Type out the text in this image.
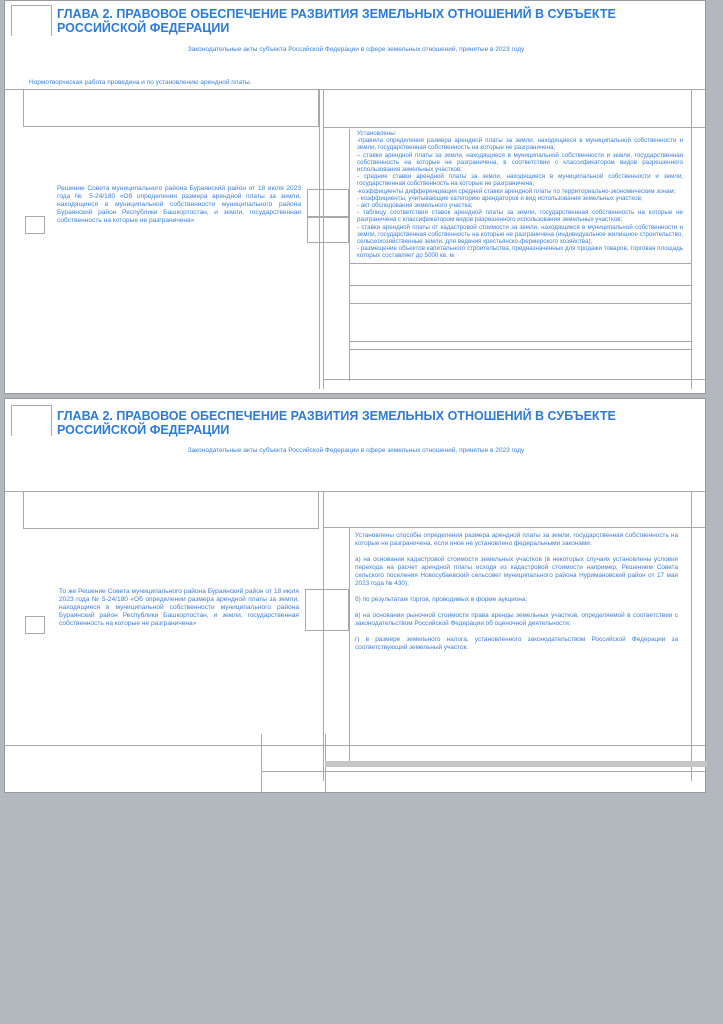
ГЛАВА 2. ПРАВОВОЕ ОБЕСПЕЧЕНИЕ РАЗВИТИЯ ЗЕМЕЛЬНЫХ ОТНОШЕНИЙ В СУБЪЕКТЕ РОССИЙСКОЙ ФЕДЕРАЦИИ
Законодательные акты субъекта Российской Федерации в сфере земельных отношений, принятые в 2023 году
Нормотворческая работа проведена и по установлению арендной платы.
Решение Совета муниципального района Бураянский район от 18 июля 2023 года № 5-24/180 «Об определении размера арендной платы за земли, находящиеся в муниципальной собственности муниципального района Бураянский район Республики Башкортостан, и земли, государственная собственность на которые не разграничена»

Установлены:

-правила определения размера арендной платы за земли, находящиеся в муниципальной собственности и земли, государственная собственность на которые не разграничена;

– ставки арендной платы за земли, находящиеся в муниципальной собственности и земли, государственная собственность на которые не разграничена, в соответствии с классификатором видов разрешенного использования земельных участков;

- средние ставки арендной платы за земли, находящиеся в муниципальной собственности и земли, государственная собственность на которые не разграничена;

-коэффициенты дифференциации средней ставки арендной платы по территориально-экономическим зонам;

- коэффициенты, учитывающие категорию арендаторов и вид использования земельных участков;

- акт обследования земельного участка;

- таблицу соответствия ставок арендной платы за земли, государственная собственность на которые не разграничена с классификатором видов разрешенного использования земельных участков;

- ставки арендной платы от кадастровой стоимости за земли, находящиеся в муниципальной собственности и земли, государственная собственность на которые не разграничена (индивидуальное жилищное строительство, сельскохозяйственные земли, для ведения крестьянско-фермерского хозяйства);

- размещение объектов капитального строительства, предназначенных для продажи товаров, торговая площадь которых составляет до 5000 кв. м.

ГЛАВА 2. ПРАВОВОЕ ОБЕСПЕЧЕНИЕ РАЗВИТИЯ ЗЕМЕЛЬНЫХ ОТНОШЕНИЙ В СУБЪЕКТЕ РОССИЙСКОЙ ФЕДЕРАЦИИ
Законодательные акты субъекта Российской Федерации в сфере земельных отношений, принятые в 2023 году
То же Решение Совета муниципального района Бураянский район от 18 июля 2023 года № 5-24/180 «Об определении размера арендной платы за земли, находящиеся в муниципальной собственности муниципального района Бураянский район Республики Башкортостан, и земли, государственная собственность на которые не разграничена»

Установлены способы определения размера арендной платы за земли, государственная собственность на которые не разграничена, если иное не установлено федеральными законами:

а) на основании кадастровой стоимости земельных участков (в некоторых случаях установлены условия перехода на расчет арендной платы исходя из кадастровой стоимости например, Решением Совета сельского поселения Новосубаевский сельсовет муниципального района Нуримановский район от 17 мая 2023 года № 430);

б) по результатам торгов, проводимых в форме аукциона;

в) на основании рыночной стоимости права аренды земельных участков, определяемой в соответствии с законодательством Российской Федерации об оценочной деятельности;

г) в размере земельного налога, установленного законодательством Российской Федерации за соответствующий земельный участок.
